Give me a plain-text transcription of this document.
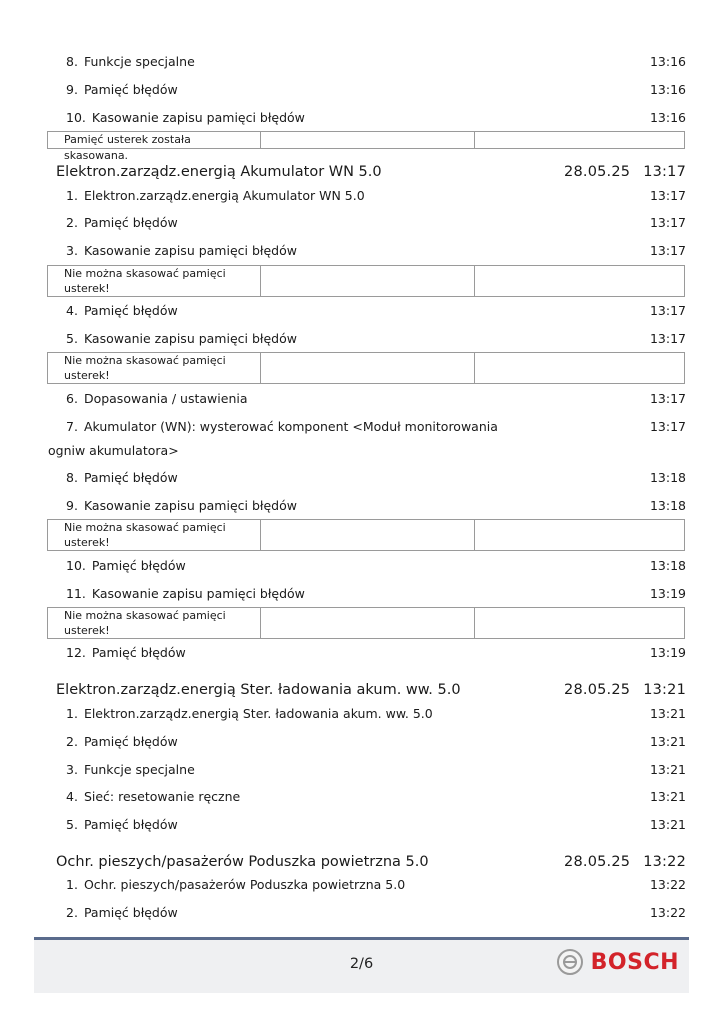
8. Funkcje specjalne	13:16
9. Pamięć błędów	13:16
10. Kasowanie zapisu pamięci błędów	13:16
Pamięć usterek została skasowana.
Elektron.zarządz.energią Akumulator WN 5.0	28.05.25 13:17
1. Elektron.zarządz.energią Akumulator WN 5.0	13:17
2. Pamięć błędów	13:17
3. Kasowanie zapisu pamięci błędów	13:17
Nie można skasować pamięci usterek!
4. Pamięć błędów	13:17
5. Kasowanie zapisu pamięci błędów	13:17
Nie można skasować pamięci usterek!
6. Dopasowania / ustawienia	13:17
7. Akumulator (WN): wysterować komponent <Moduł monitorowania	13:17
ogniw akumulatora>
8. Pamięć błędów	13:18
9. Kasowanie zapisu pamięci błędów	13:18
Nie można skasować pamięci usterek!
10. Pamięć błędów	13:18
11. Kasowanie zapisu pamięci błędów	13:19
Nie można skasować pamięci usterek!
12. Pamięć błędów	13:19
Elektron.zarządz.energią Ster. ładowania akum. ww. 5.0	28.05.25 13:21
1. Elektron.zarządz.energią Ster. ładowania akum. ww. 5.0	13:21
2. Pamięć błędów	13:21
3. Funkcje specjalne	13:21
4. Sieć: resetowanie ręczne	13:21
5. Pamięć błędów	13:21
Ochr. pieszych/pasażerów Poduszka powietrzna 5.0	28.05.25 13:22
1. Ochr. pieszych/pasażerów Poduszka powietrzna 5.0	13:22
2. Pamięć błędów	13:22
2/6	BOSCH
